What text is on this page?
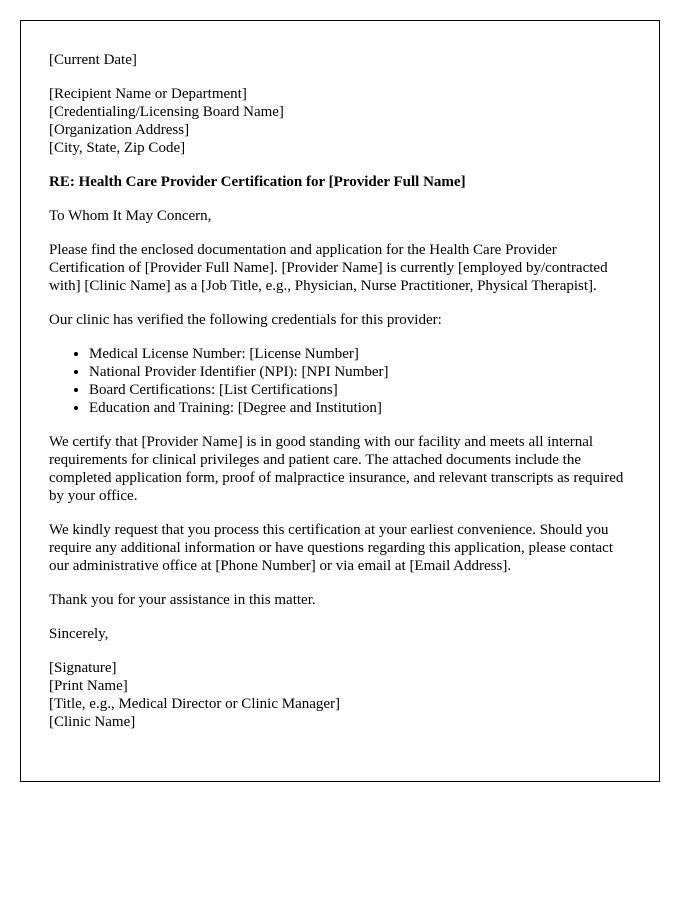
[Current Date]
[Recipient Name or Department]
[Credentialing/Licensing Board Name]
[Organization Address]
[City, State, Zip Code]
RE: Health Care Provider Certification for [Provider Full Name]
To Whom It May Concern,
Please find the enclosed documentation and application for the Health Care Provider Certification of [Provider Full Name]. [Provider Name] is currently [employed by/contracted with] [Clinic Name] as a [Job Title, e.g., Physician, Nurse Practitioner, Physical Therapist].
Our clinic has verified the following credentials for this provider:
• Medical License Number: [License Number]
• National Provider Identifier (NPI): [NPI Number]
• Board Certifications: [List Certifications]
• Education and Training: [Degree and Institution]
We certify that [Provider Name] is in good standing with our facility and meets all internal requirements for clinical privileges and patient care. The attached documents include the completed application form, proof of malpractice insurance, and relevant transcripts as required by your office.
We kindly request that you process this certification at your earliest convenience. Should you require any additional information or have questions regarding this application, please contact our administrative office at [Phone Number] or via email at [Email Address].
Thank you for your assistance in this matter.
Sincerely,
[Signature]
[Print Name]
[Title, e.g., Medical Director or Clinic Manager]
[Clinic Name]
